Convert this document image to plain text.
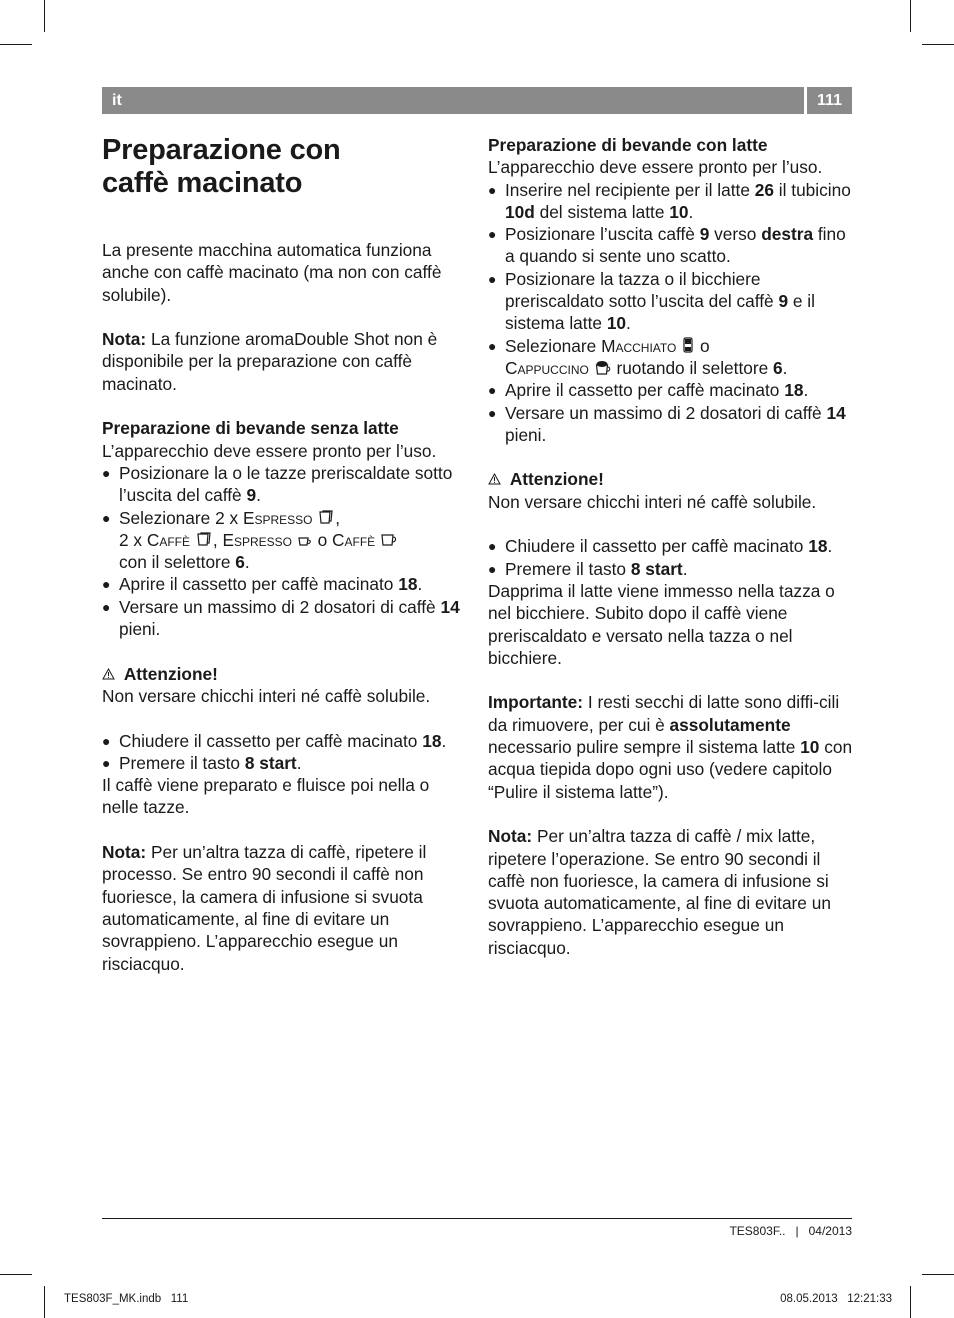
it	111
Preparazione con
caffè macinato

La presente macchina automatica funziona anche con caffè macinato (ma non con caffè solubile).

Nota: La funzione aromaDouble Shot non è disponibile per la preparazione con caffè macinato.

Preparazione di bevande senza latte

L’apparecchio deve essere pronto per l’uso.

● Posizionare la o le tazze preriscaldate sotto l’uscita del caffè 9.
● Selezionare 2 x Espresso ,
2 x Caffè , Espresso  o Caffè
con il selettore 6.
● Aprire il cassetto per caffè macinato 18.
● Versare un massimo di 2 dosatori di caffè 14 pieni.

Attenzione!

Non versare chicchi interi né caffè solubile.

● Chiudere il cassetto per caffè macinato 18.
● Premere il tasto 8 start.

Il caffè viene preparato e fluisce poi nella o nelle tazze.

Nota: Per un’altra tazza di caffè, ripetere il processo. Se entro 90 secondi il caffè non fuoriesce, la camera di infusione si svuota automaticamente, al fine di evitare un sovrappieno. L’apparecchio esegue un risciacquo.

Preparazione di bevande con latte

L’apparecchio deve essere pronto per l’uso.

● Inserire nel recipiente per il latte 26 il tubicino 10d del sistema latte 10.
● Posizionare l’uscita caffè 9 verso destra fino a quando si sente uno scatto.
● Posizionare la tazza o il bicchiere preriscaldato sotto l’uscita del caffè 9 e il sistema latte 10.
● Selezionare Macchiato  o
Cappuccino  ruotando il selettore 6.
● Aprire il cassetto per caffè macinato 18.
● Versare un massimo di 2 dosatori di caffè 14 pieni.

Attenzione!

Non versare chicchi interi né caffè solubile.

● Chiudere il cassetto per caffè macinato 18.
● Premere il tasto 8 start.

Dapprima il latte viene immesso nella tazza o nel bicchiere. Subito dopo il caffè viene preriscaldato e versato nella tazza o nel bicchiere.

Importante: I resti secchi di latte sono diffi-cili da rimuovere, per cui è assolutamente necessario pulire sempre il sistema latte 10 con acqua tiepida dopo ogni uso (vedere capitolo “Pulire il sistema latte”).

Nota: Per un’altra tazza di caffè / mix latte, ripetere l’operazione. Se entro 90 secondi il caffè non fuoriesce, la camera di infusione si svuota automaticamente, al fine di evitare un sovrappieno. L’apparecchio esegue un risciacquo.

TES803F.. | 04/2013
TES803F_MK.indb   111	08.05.2013   12:21:33
